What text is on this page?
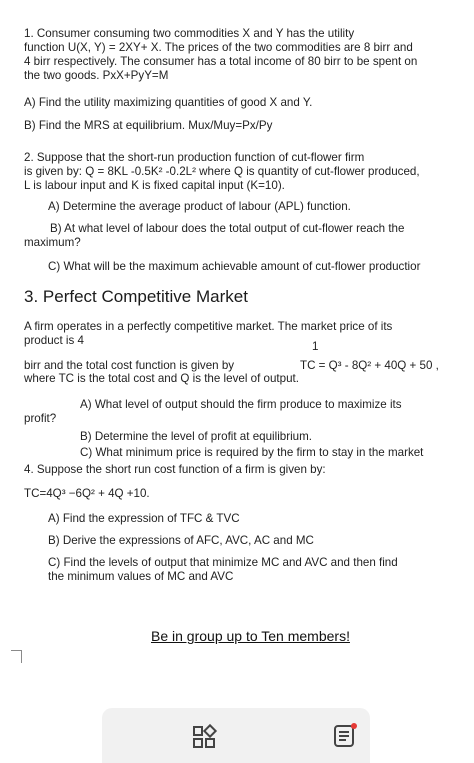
1. Consumer consuming two commodities X and Y has the utility
function U(X, Y) = 2XY+ X. The prices of the two commodities are 8 birr and
4 birr respectively. The consumer has a total income of 80 birr to be spent on
the two goods. PxX+PyY=M
A) Find the utility maximizing quantities of good X and Y.
B) Find the MRS at equilibrium. Mux/Muy=Px/Py
2. Suppose that the short-run production function of cut-flower firm
is given by: Q = 8KL -0.5K² -0.2L² where Q is quantity of cut-flower produced,
L is labour input and K is fixed capital input (K=10).
A) Determine the average product of labour (APL) function.
B) At what level of labour does the total output of cut-flower reach the
maximum?
C) What will be the maximum achievable amount of cut-flower productior
3. Perfect Competitive Market
A firm operates in a perfectly competitive market. The market price of its
product is 4	1
birr and the total cost function is given by	TC = Q³ - 8Q² + 40Q + 50 ,
where TC is the total cost and Q is the level of output.
A) What level of output should the firm produce to maximize its
profit?
B) Determine the level of profit at equilibrium.
C) What minimum price is required by the firm to stay in the market
4. Suppose the short run cost function of a firm is given by:
TC=4Q³ −6Q² + 4Q +10.
A) Find the expression of TFC & TVC
B) Derive the expressions of AFC, AVC, AC and MC
C) Find the levels of output that minimize MC and AVC and then find
the minimum values of MC and AVC
Be in group up to Ten members!
